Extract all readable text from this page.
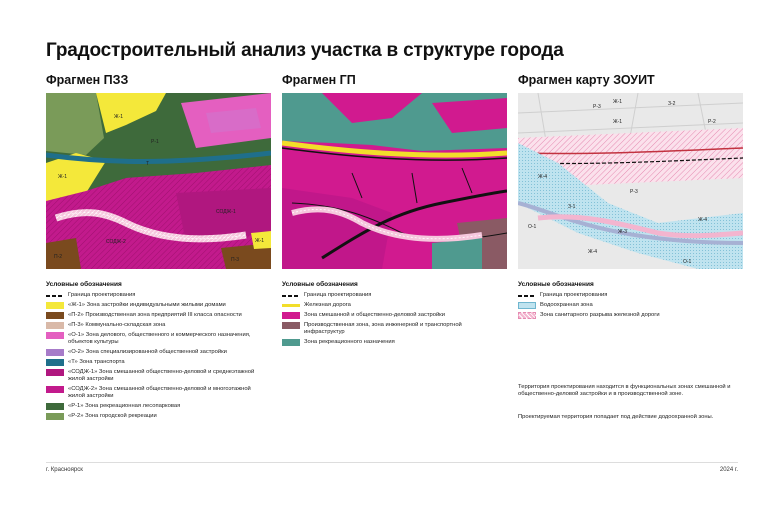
Градостроительный анализ участка в структуре города
Фрагмен ПЗЗ	Фрагмен ГП	Фрагмен карту ЗОУИТ
Ж-1
Р-1
Т
Ж-1
СОДЖ-1
СОДЖ-2
П-2
Ж-1
П-3
Р-3
Ж-1	З-2
Р-2
Ж-1
Ж-4
Р-3
З-1
О-1
Ж-4
Ж-3
Ж-4
О-1
Условные обозначения
Граница проектирования
«Ж-1» Зона застройки индивидуальными жилыми домами
«П-2» Производственная зона предприятий III класса опасности
«П-3» Коммунально-складская зона
«О-1» Зона делового, общественного и коммерческого назначения, объектов культуры
«О-2» Зона специализированной общественной застройки
«Т» Зона транспорта
«СОДЖ-1» Зона смешанной общественно-деловой и среднеэтажной жилой застройки
«СОДЖ-2» Зона смешанной общественно-деловой и многоэтажной жилой застройки
«Р-1» Зона рекреационная лесопарковая
«Р-2» Зона городской рекреации
Условные обозначения
Граница проектирования
Железная дорога
Зона смешанной и общественно-деловой застройки
Производственная зона, зона инженерной и транспортной инфраструктур
Зона рекреационного назначения
Условные обозначения
Граница проектирования
Водоохранная зона
Зона санитарного разрыва железной дороги
Территория проектирования находится в функциональных зонах смешанной и общественно-деловой застройки и в производственной зоне.
Проектируемая территория попадает под действие додоохранной зоны.
г. Красноярск	2024 г.
